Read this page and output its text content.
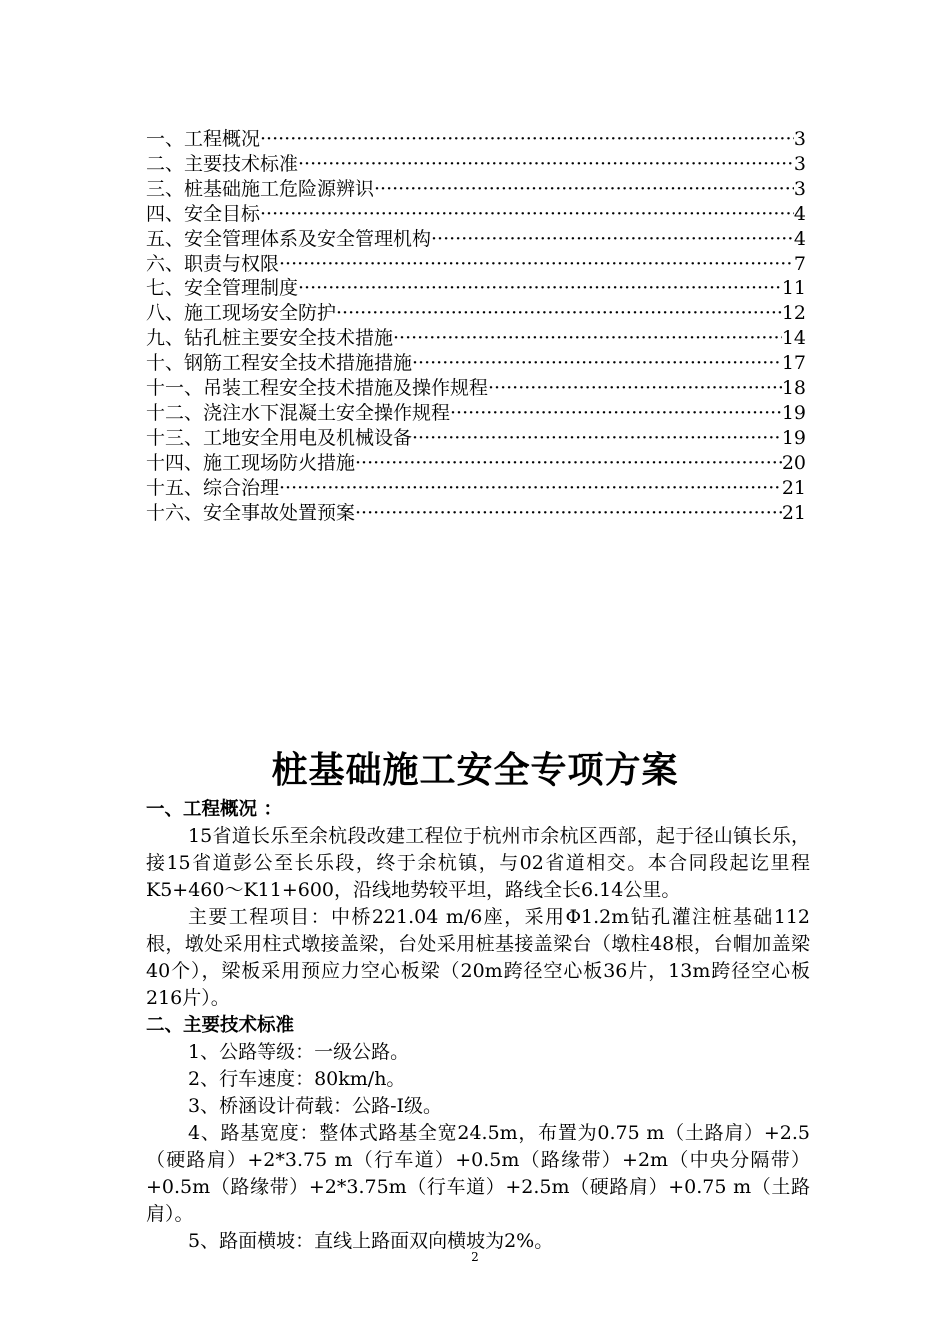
一、工程概况 ·····	3
二、主要技术标准 ·····	3
三、桩基础施工危险源辨识 ·····	3
四、安全目标 ·····	4
五、安全管理体系及安全管理机构 ·····	4
六、职责与权限 ·····	7
七、安全管理制度 ·····	11
八、施工现场安全防护 ·····	12
九、钻孔桩主要安全技术措施 ·····	14
十、钢筋工程安全技术措施措施 ·····	17
十一、吊装工程安全技术措施及操作规程 ·····	18
十二、浇注水下混凝土安全操作规程 ·····	19
十三、工地安全用电及机械设备 ·····	19
十四、施工现场防火措施 ·····	20
十五、综合治理 ·····	21
十六、安全事故处置预案 ·····	21
桩基础施工安全专项方案
一、工程概况 ：

15省道长乐至余杭段改建工程位于杭州市余杭区西部，起于径山镇长乐，接15省道彭公至长乐段，终于余杭镇，与02省道相交。本合同段起讫里程K5+460～K11+600，沿线地势较平坦，路线全长6.14公里。

主要工程项目：中桥221.04 m/6座，采用Φ1.2m钻孔灌注桩基础112根，墩处采用柱式墩接盖梁，台处采用桩基接盖梁台（墩柱48根，台帽加盖梁40个），梁板采用预应力空心板梁（20m跨径空心板36片，13m跨径空心板216片）。

二、主要技术标准

1、公路等级：一级公路。

2、行车速度：80km/h。

3、桥涵设计荷载：公路-Ⅰ级。

4、路基宽度：整体式路基全宽24.5m，布置为0.75 m（土路肩）+2.5（硬路肩）+2*3.75 m（行车道）+0.5m（路缘带）+2m（中央分隔带）+0.5m（路缘带）+2*3.75m（行车道）+2.5m（硬路肩）+0.75 m（土路肩）。

5、路面横坡：直线上路面双向横坡为2%。

2
